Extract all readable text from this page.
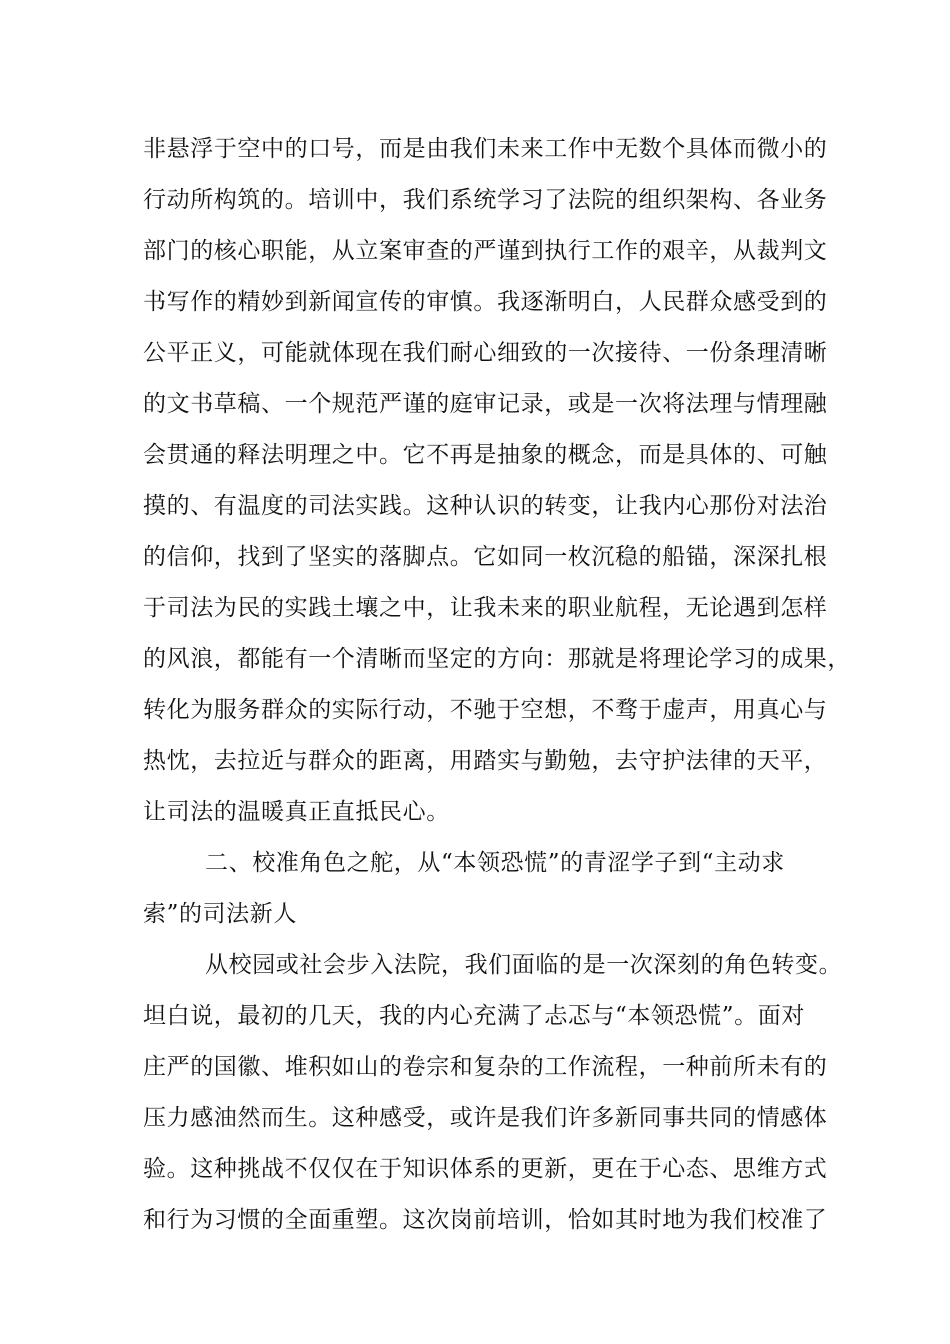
非悬浮于空中的口号，而是由我们未来工作中无数个具体而微小的
行动所构筑的。培训中，我们系统学习了法院的组织架构、各业务
部门的核心职能，从立案审查的严谨到执行工作的艰辛，从裁判文
书写作的精妙到新闻宣传的审慎。我逐渐明白，人民群众感受到的
公平正义，可能就体现在我们耐心细致的一次接待、一份条理清晰
的文书草稿、一个规范严谨的庭审记录，或是一次将法理与情理融
会贯通的释法明理之中。它不再是抽象的概念，而是具体的、可触
摸的、有温度的司法实践。这种认识的转变，让我内心那份对法治
的信仰，找到了坚实的落脚点。它如同一枚沉稳的船锚，深深扎根
于司法为民的实践土壤之中，让我未来的职业航程，无论遇到怎样
的风浪，都能有一个清晰而坚定的方向：那就是将理论学习的成果，
转化为服务群众的实际行动，不驰于空想，不骛于虚声，用真心与
热忱，去拉近与群众的距离，用踏实与勤勉，去守护法律的天平，
让司法的温暖真正直抵民心。
二、校准角色之舵，从“本领恐慌”的青涩学子到“主动求
索”的司法新人
从校园或社会步入法院，我们面临的是一次深刻的角色转变。
坦白说，最初的几天，我的内心充满了忐忑与“本领恐慌”。面对
庄严的国徽、堆积如山的卷宗和复杂的工作流程，一种前所未有的
压力感油然而生。这种感受，或许是我们许多新同事共同的情感体
验。这种挑战不仅仅在于知识体系的更新，更在于心态、思维方式
和行为习惯的全面重塑。这次岗前培训，恰如其时地为我们校准了
